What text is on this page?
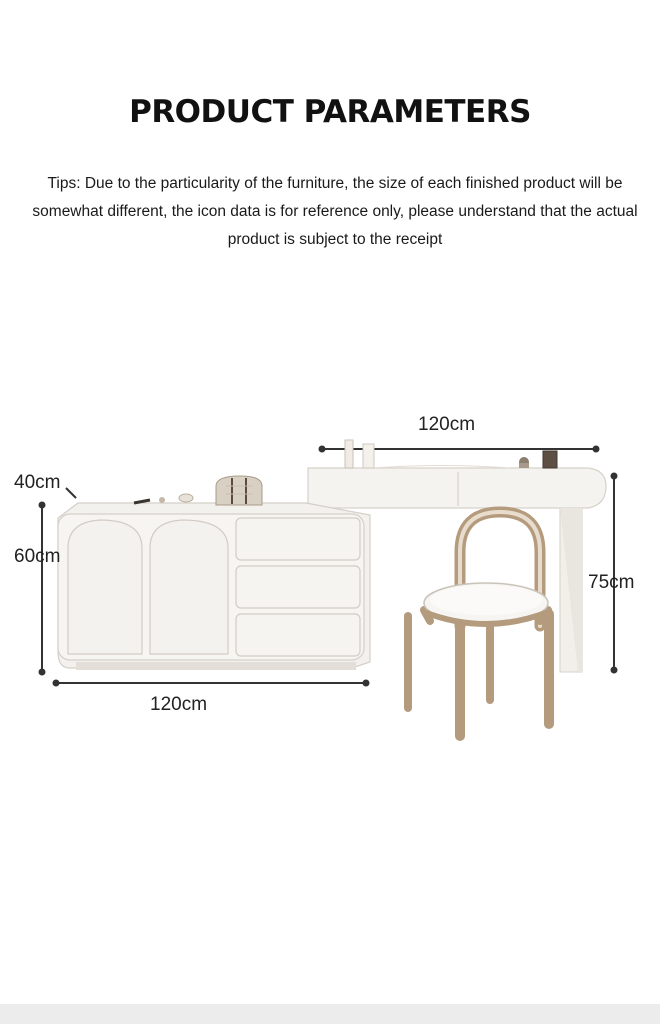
PRODUCT PARAMETERS
Tips: Due to the particularity of the furniture, the size of each finished product will be somewhat different, the icon data is for reference only, please understand that the actual product is subject to the receipt
120cm
40cm
60cm
120cm
75cm
